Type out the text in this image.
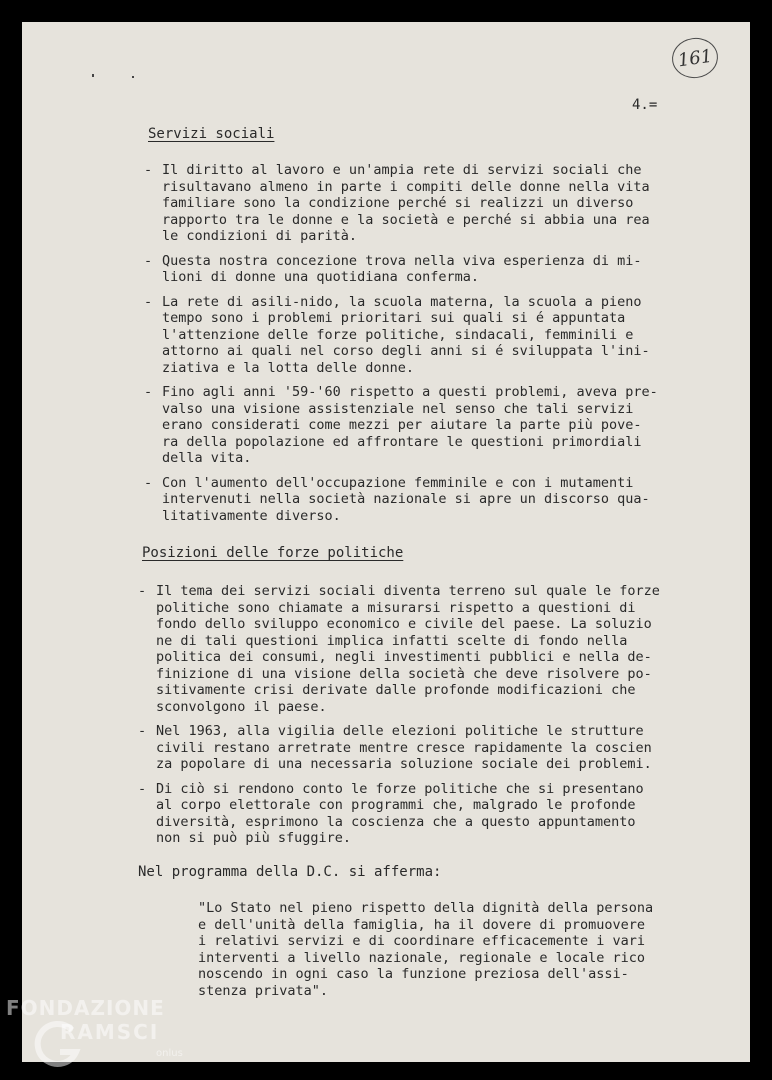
161
4.=
Servizi sociali
- Il diritto al lavoro e un'ampia rete di servizi sociali che
risultavano almeno in parte i compiti delle donne nella vita
familiare sono la condizione perché si realizzi un diverso
rapporto tra le donne e la società e perché si abbia una rea
le condizioni di parità.
- Questa nostra concezione trova nella viva esperienza di mi-
lioni di donne una quotidiana conferma.
- La rete di asili-nido, la scuola materna, la scuola a pieno
tempo sono i problemi prioritari sui quali si é appuntata
l'attenzione delle forze politiche, sindacali, femminili e
attorno ai quali nel corso degli anni si é sviluppata l'ini-
ziativa e la lotta delle donne.
- Fino agli anni '59-'60 rispetto a questi problemi, aveva pre-
valso una visione assistenziale nel senso che tali servizi
erano considerati come mezzi per aiutare la parte più pove-
ra della popolazione ed affrontare le questioni primordiali
della vita.
- Con l'aumento dell'occupazione femminile e con i mutamenti
intervenuti nella società nazionale si apre un discorso qua-
litativamente diverso.
Posizioni delle forze politiche
- Il tema dei servizi sociali diventa terreno sul quale le forze
politiche sono chiamate a misurarsi rispetto a questioni di
fondo dello sviluppo economico e civile del paese. La soluzio
ne di tali questioni implica infatti scelte di fondo nella
politica dei consumi, negli investimenti pubblici e nella de-
finizione di una visione della società che deve risolvere po-
sitivamente crisi derivate dalle profonde modificazioni che
sconvolgono il paese.
- Nel 1963, alla vigilia delle elezioni politiche le strutture
civili restano arretrate mentre cresce rapidamente la coscien
za popolare di una necessaria soluzione sociale dei problemi.
- Di ciò si rendono conto le forze politiche che si presentano
al corpo elettorale con programmi che, malgrado le profonde
diversità, esprimono la coscienza che a questo appuntamento
non si può più sfuggire.
Nel programma della D.C. si afferma:
"Lo Stato nel pieno rispetto della dignità della persona
e dell'unità della famiglia, ha il dovere di promuovere
i relativi servizi e di coordinare efficacemente i vari
interventi a livello nazionale, regionale e locale rico
noscendo in ogni caso la funzione preziosa dell'assi-
stenza privata".
FONDAZIONE
RAMSCI
onlus
